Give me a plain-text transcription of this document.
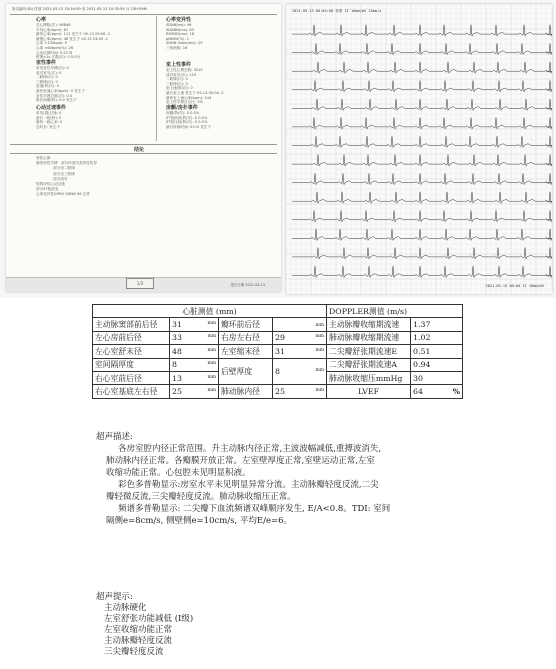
姓名编号(ID) 性别 2021-05-12 10:34:59 至 2021-05-13 10:35:59 分 23H:59M
心率
总心搏数(次): 98848
平均心率(bpm): 67
最快心率(bpm): 111 发生于 05-13 05:56 -2
最慢心率(bpm): 48 发生于 05-13 03:55 -2
心率 >100bpm: 9
心率 <60bpm(%): 26
心动过缓时间: 5:22 时
停搏>2s 次数(次): 0 0.0分
室性事件
单发室性早搏(次): 0
成对室早(次): 0
二联律(次): 0
三联律(次): 0
室速(阵/次): 0
最快室速心率(bpm): 0 发生于
室性早搏总数(次): 0.0
最长间期(秒): 0.0 发生于
心动过速事件
单发(超)过速: 0
最长一段(秒): 0
最快一段心率: 0
总时长: 发生于
心率变异性
SDNN(ms): 96
SDANN(ms): 83
RMSSD(ms): 18
pNN50(%): 1
SDNN Index(ms): 29
三角指数: 16
室上性事件
室上性心搏总数: 3010
成对室早(次): 119
二联律(次): 0
三联律(次): 0
室上速(阵/次): 0
最长室上速 发生于 05-13 00:04 -2
最快室上速心率(bpm): 144
室上性早搏百分比: 3%
房颤/房扑事件
房颤(阵/次): 0 0.0%
ST段抬高(阵/次): 0 0.0%
ST段压低(阵/次): 0 0.0%
最长持续时间: 0:0:0 发生于
结论
窦性心律
频发房性早搏   部分伴室内差异性传导
部分呈二联律
部分呈三联律
部分成对
短阵房性心动过速
部分ST段改变
心率变异性(HRV) SDNN 96 正常
1/3	报告日期 2021-05-13
2021-05-13 00:04:00 导联 II 10mm/mV 25mm/s
2021-05-13 00:04 II 10mm/mV
心脏测值 (mm)				DOPPLER测值 (m/s)	
主动脉窦部前后径	31 mm	瓣环前后径	mm	主动脉瓣收缩期流速	1.37
左心房前后径	33 mm	右房左右径	29 mm	肺动脉瓣收缩期流速	1.02
左心室舒末径	48 mm	左室缩末径	31 mm	二尖瓣舒张期流速E	0.51
室间隔厚度	8 mm	后壁厚度	8 mm	二尖瓣舒张期流速A	0.94
右心室前后径	13 mm			肺动脉收缩压mmHg	30
右心室基底左右径	25 mm	肺动脉内径	25 mm	LVEF	64 %
超声描述:
各房室腔内径正常范围。升主动脉内径正常,主波波幅减低,重搏波消失,
肺动脉内径正常。各瓣膜开放正常。左室壁厚度正常,室壁运动正常,左室
收缩功能正常。心包腔未见明显积液。
彩色多普勒显示:房室水平未见明显异常分流。主动脉瓣轻度反流,二尖
瓣轻微反流,三尖瓣轻度反流。肺动脉收缩压正常。
频谱多普勒显示: 二尖瓣下血流频谱双峰顺序发生, E/A<0.8。TDI: 室间
隔侧e=8cm/s, 侧壁侧e=10cm/s, 平均E/e=6。
超声提示:
主动脉硬化
左室舒张功能减低 (I级)
左室收缩功能正常
主动脉瓣轻度反流
三尖瓣轻度反流
